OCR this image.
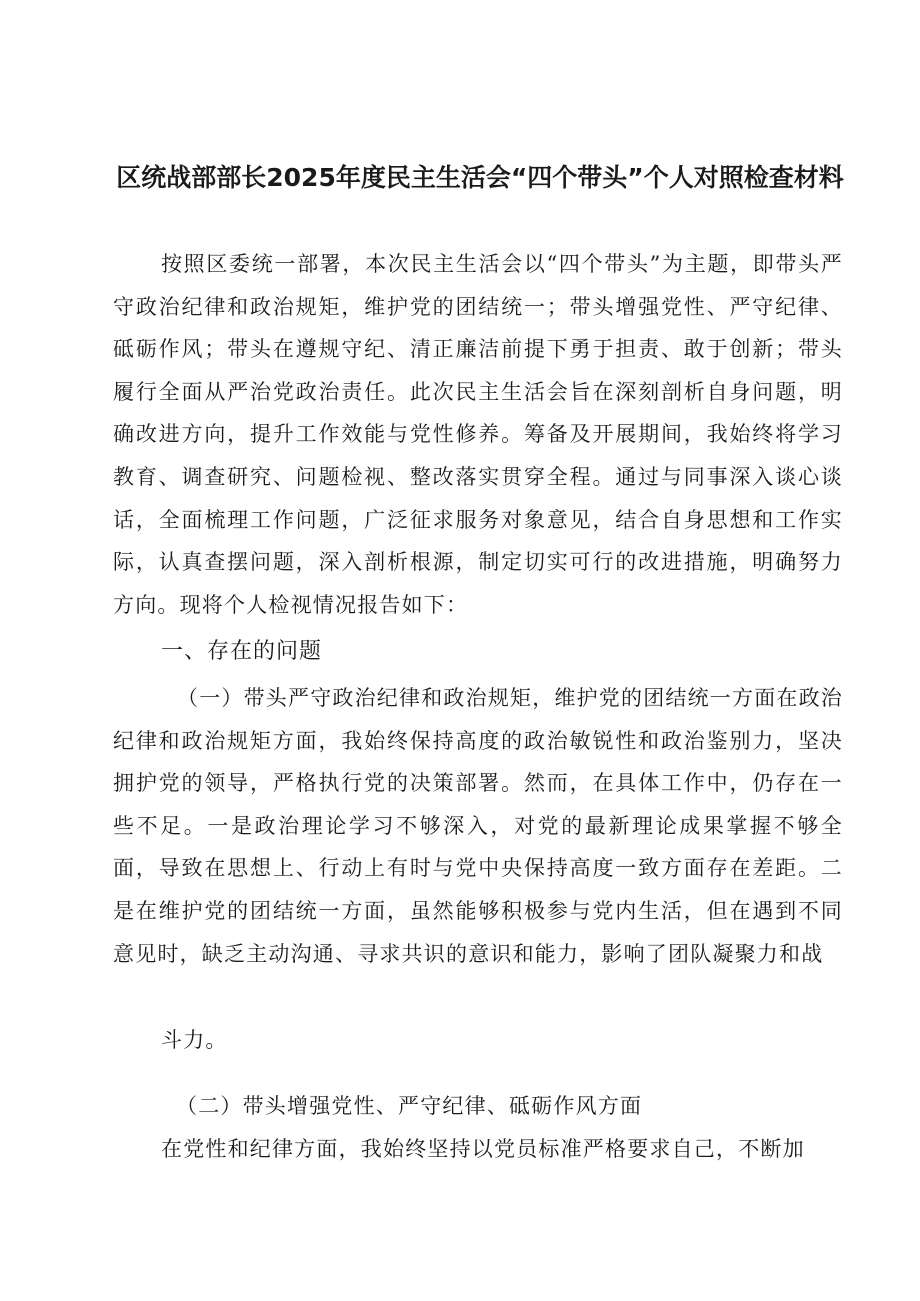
区统战部部长2025年度民主生活会“四个带头”个人对照检查材料
按照区委统一部署，本次民主生活会以“四个带头”为主题，即带头严守政治纪律和政治规矩，维护党的团结统一；带头增强党性、严守纪律、砥砺作风；带头在遵规守纪、清正廉洁前提下勇于担责、敢于创新；带头履行全面从严治党政治责任。此次民主生活会旨在深刻剖析自身问题，明确改进方向，提升工作效能与党性修养。筹备及开展期间，我始终将学习教育、调查研究、问题检视、整改落实贯穿全程。通过与同事深入谈心谈话，全面梳理工作问题，广泛征求服务对象意见，结合自身思想和工作实际，认真查摆问题，深入剖析根源，制定切实可行的改进措施，明确努力方向。现将个人检视情况报告如下：
一、存在的问题
（一）带头严守政治纪律和政治规矩，维护党的团结统一方面在政治纪律和政治规矩方面，我始终保持高度的政治敏锐性和政治鉴别力，坚决拥护党的领导，严格执行党的决策部署。然而，在具体工作中，仍存在一些不足。一是政治理论学习不够深入，对党的最新理论成果掌握不够全面，导致在思想上、行动上有时与党中央保持高度一致方面存在差距。二是在维护党的团结统一方面，虽然能够积极参与党内生活，但在遇到不同意见时，缺乏主动沟通、寻求共识的意识和能力，影响了团队凝聚力和战
斗力。
（二）带头增强党性、严守纪律、砥砺作风方面
在党性和纪律方面，我始终坚持以党员标准严格要求自己，不断加
